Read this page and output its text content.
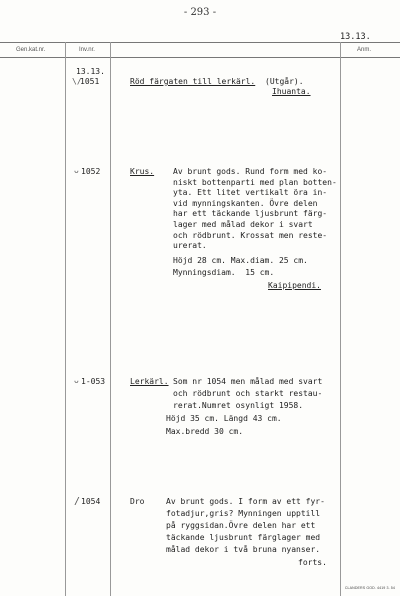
- 293 -
13.13.
Gen.kat.nr.	Inv.nr.	Anm.
13.13.
\/
1051	Röd färgaten till lerkärl. (Utgår).
Ihuanta.
ᴗ 1052	Krus. Av brunt gods. Rund form med ko-
niskt bottenparti med plan botten-
yta. Ett litet vertikalt öra in-
vid mynningskanten. Övre delen
har ett täckande ljusbrunt färg-
lager med målad dekor i svart
och rödbrunt. Krossat men reste-
urerat.
Höjd 28 cm. Max.diam. 25 cm.
Mynningsdiam.  15 cm.
Kaipipendi.
ᴗ 1-053	Lerkärl. Som nr 1054 men målad med svart
och rödbrunt och starkt restau-
rerat.Numret osynligt 1958.
Höjd 35 cm. Längd 43 cm.
Max.bredd 30 cm.
/ 1054	Dro	Av brunt gods. I form av ett fyr-
fotadjur,gris? Mynningen upptill
på ryggsidan.Övre delen har ett
täckande ljusbrunt färglager med
målad dekor i två bruna nyanser.
forts.
CLANDERS GOD. 4419 3. 54
